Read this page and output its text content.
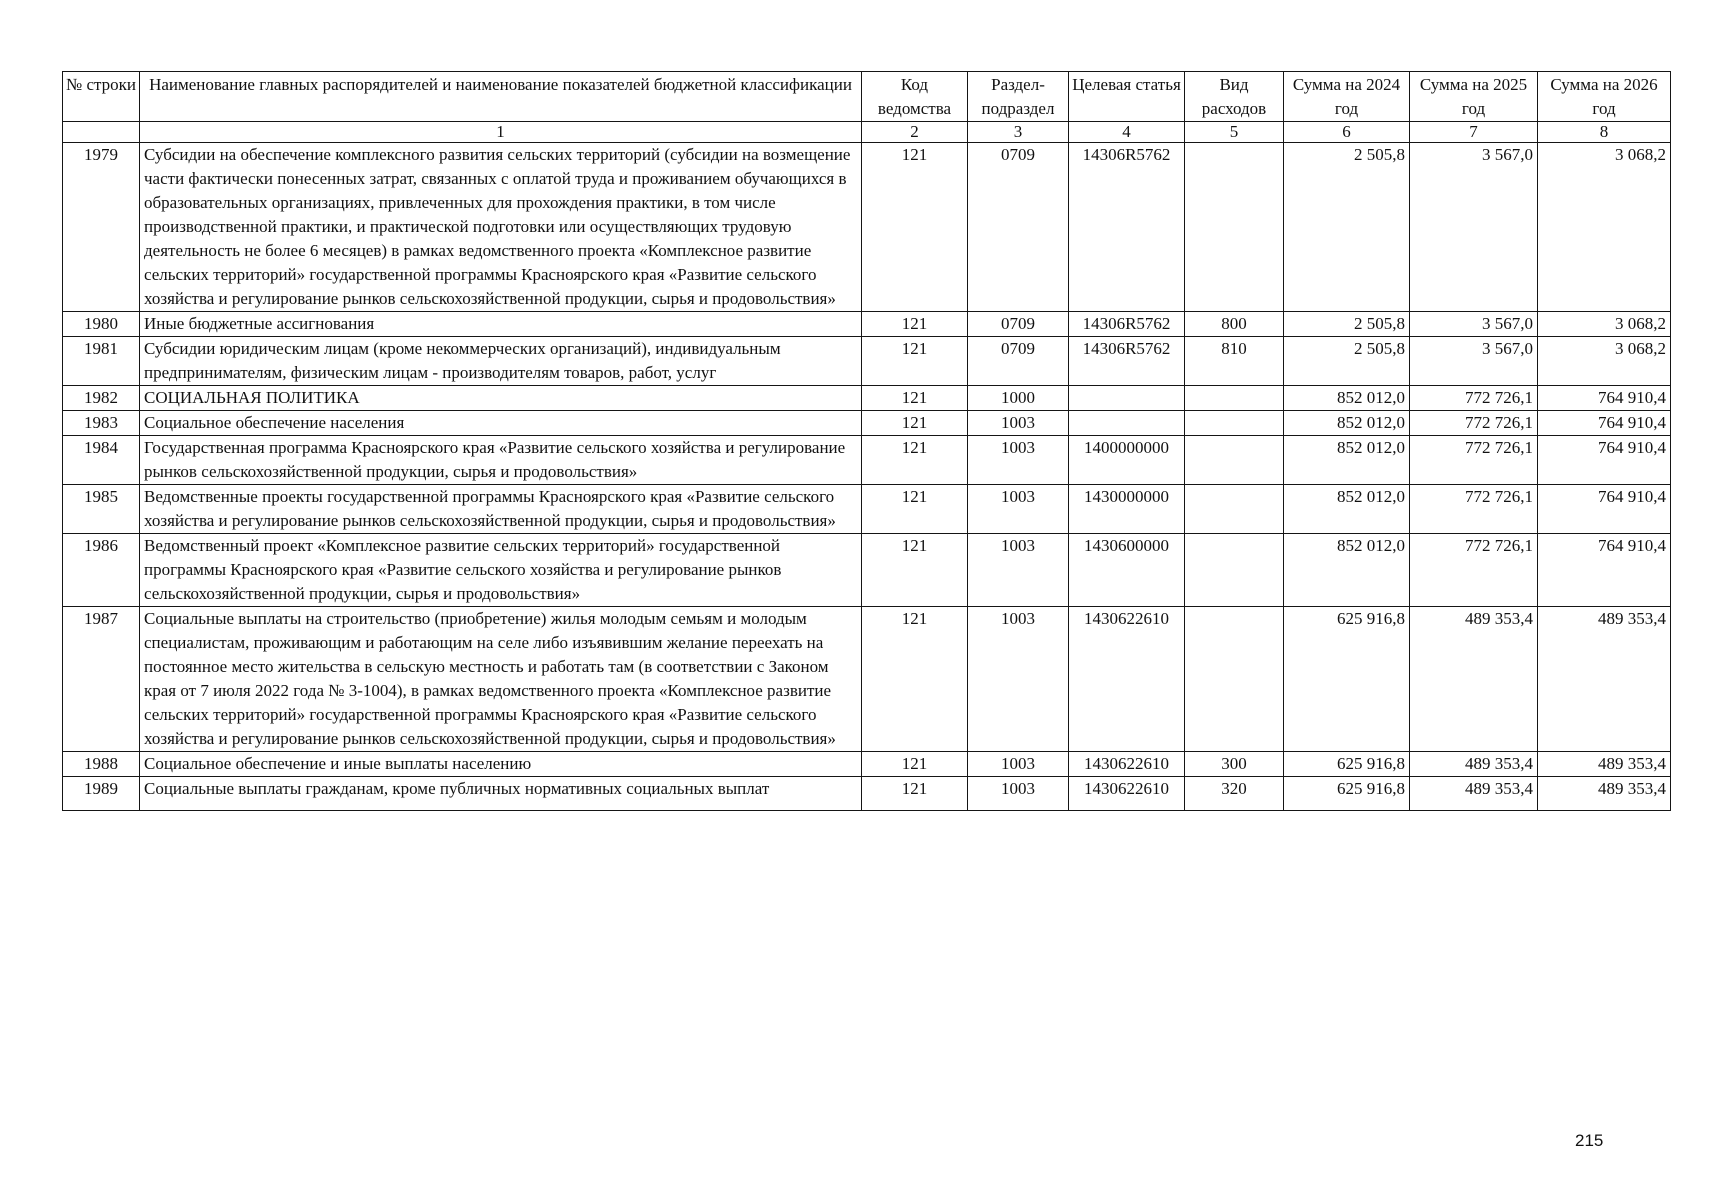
№ строки	Наименование главных распорядителей и наименование показателей бюджетной классификации	Код ведомства	Раздел-подраздел	Целевая статья	Вид расходов	Сумма на 2024 год	Сумма на 2025 год	Сумма на 2026 год
	1	2	3	4	5	6	7	8
1979	Субсидии на обеспечение комплексного развития сельских территорий (субсидии на возмещение части фактически понесенных затрат, связанных с оплатой труда и проживанием обучающихся в образовательных организациях, привлеченных для прохождения практики, в том числе производственной практики, и практической подготовки или осуществляющих трудовую деятельность не более 6 месяцев) в рамках ведомственного проекта «Комплексное развитие сельских территорий» государственной программы Красноярского края «Развитие сельского хозяйства и регулирование рынков сельскохозяйственной продукции, сырья и продовольствия»	121	0709	14306R5762		2 505,8	3 567,0	3 068,2
1980	Иные бюджетные ассигнования	121	0709	14306R5762	800	2 505,8	3 567,0	3 068,2
1981	Субсидии юридическим лицам (кроме некоммерческих организаций), индивидуальным предпринимателям, физическим лицам - производителям товаров, работ, услуг	121	0709	14306R5762	810	2 505,8	3 567,0	3 068,2
1982	СОЦИАЛЬНАЯ ПОЛИТИКА	121	1000			852 012,0	772 726,1	764 910,4
1983	Социальное обеспечение населения	121	1003			852 012,0	772 726,1	764 910,4
1984	Государственная программа Красноярского края «Развитие сельского хозяйства и регулирование рынков сельскохозяйственной продукции, сырья и продовольствия»	121	1003	1400000000		852 012,0	772 726,1	764 910,4
1985	Ведомственные проекты государственной программы Красноярского края «Развитие сельского хозяйства и регулирование рынков сельскохозяйственной продукции, сырья и продовольствия»	121	1003	1430000000		852 012,0	772 726,1	764 910,4
1986	Ведомственный проект «Комплексное развитие сельских территорий» государственной программы Красноярского края «Развитие сельского хозяйства и регулирование рынков сельскохозяйственной продукции, сырья и продовольствия»	121	1003	1430600000		852 012,0	772 726,1	764 910,4
1987	Социальные выплаты на строительство (приобретение) жилья молодым семьям и молодым специалистам, проживающим и работающим на селе либо изъявившим желание переехать на постоянное место жительства в сельскую местность и работать там (в соответствии с Законом края от 7 июля 2022 года № 3-1004), в рамках ведомственного проекта «Комплексное развитие сельских территорий» государственной программы Красноярского края «Развитие сельского хозяйства и регулирование рынков сельскохозяйственной продукции, сырья и продовольствия»	121	1003	1430622610		625 916,8	489 353,4	489 353,4
1988	Социальное обеспечение и иные выплаты населению	121	1003	1430622610	300	625 916,8	489 353,4	489 353,4
1989	Социальные выплаты гражданам, кроме публичных нормативных социальных выплат	121	1003	1430622610	320	625 916,8	489 353,4	489 353,4
215
